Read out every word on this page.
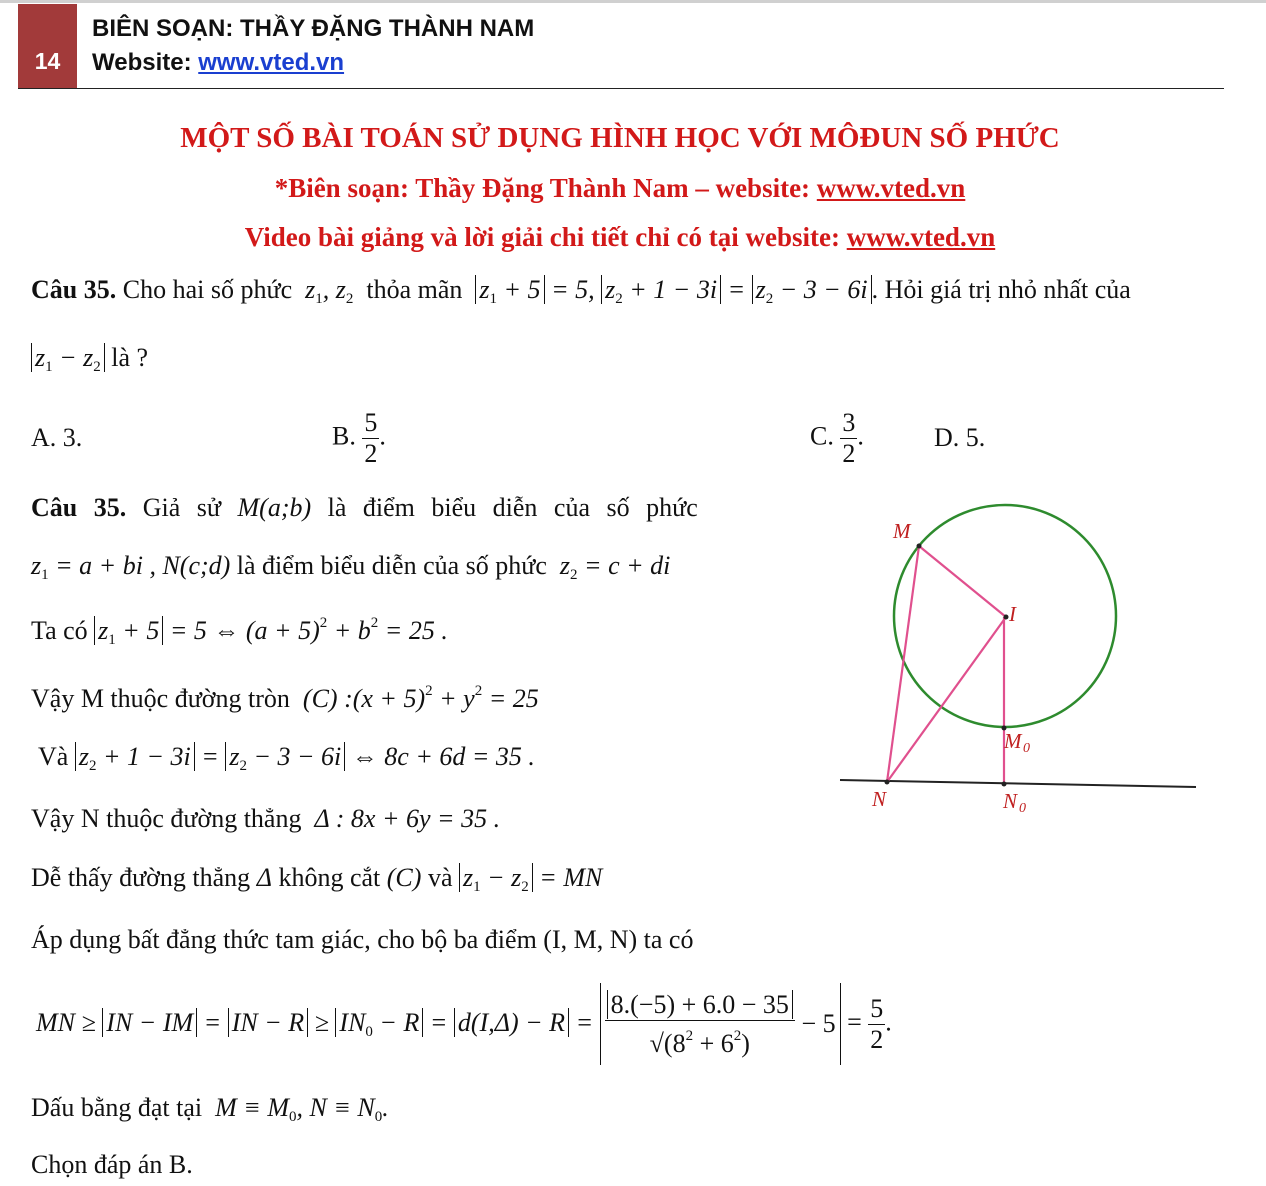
14
BIÊN SOẠN: THẦY ĐẶNG THÀNH NAM
Website: www.vted.vn
MỘT SỐ BÀI TOÁN SỬ DỤNG HÌNH HỌC VỚI MÔĐUN SỐ PHỨC
*Biên soạn: Thầy Đặng Thành Nam – website: www.vted.vn
Video bài giảng và lời giải chi tiết chỉ có tại website: www.vted.vn
Câu 35. Cho hai số phức  $z_1$, $z_2$ thỏa mãn $z_1 + 5 = 5$, $z_2 + 1 - 3i = z_2 - 3 - 6i$ . Hỏi giá trị nhỏ nhất của
$z_1 - z_2$ là ?
A. 3.	B. $\frac{5}{2}$ .	C. $\frac{3}{2}$ .	D. 5.
Câu 35. Giả sử M(a;b) là điểm biểu diễn của số phức
$z_1 = a$ + bi , N(c;d) là điểm biểu diễn của số phức  $z_2 = c$ + di
Ta có $z_1 + 5 = 5$ ⇔ $(a + 5)^2 + b^2 = 25$ .
Vậy M thuộc đường tròn  (C) :(x + $5)^2 + y^2 = 25$
Và $z_2 + 1 - 3i = z_2 - 3 - 6i$ ⇔ 8c + 6d = 35 .
Vậy N thuộc đường thẳng  Δ : 8x + 6y = 35 .
Dễ thấy đường thẳng Δ không cắt (C) và $z_1 - z_2$ = MN
Áp dụng bất đẳng thức tam giác, cho bộ ba điểm (I, M, N) ta có
MN ≥ IN − IM = IN − $R \ge IN_0 - R = d(I,\Delta) - R = \frac{8.(-5) + 6.0 - 35}{√(8^2 + 6^2)} - 5 = \frac{5}{2}$ .
Dấu bằng đạt tại  $M \equiv M_0$, $N \equiv N_0$.
Chọn đáp án B.
M
I
M 0
N	N 0
